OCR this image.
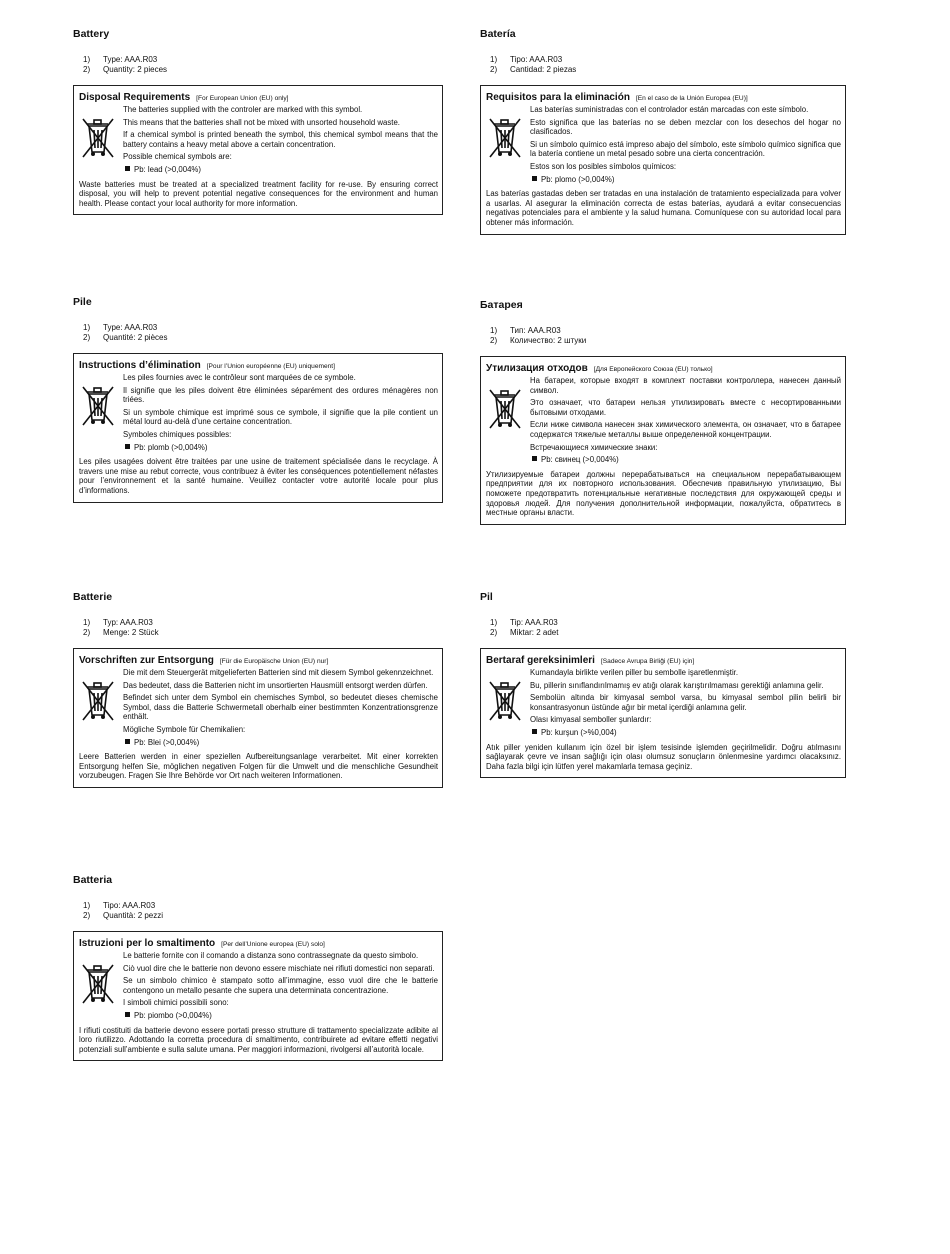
Battery
1)	Type: AAA.R03
2)	Quantity: 2 pieces
Disposal Requirements [For European Union (EU) only]

The batteries supplied with the controler are marked with this symbol.

This means that the batteries shall not be mixed with unsorted household waste.

If a chemical symbol is printed beneath the symbol, this chemical symbol means that the battery contains a heavy metal above a certain concentration.

Possible chemical symbols are:

Pb: lead (>0,004%)

Waste batteries must be treated at a specialized treatment facility for re-use. By ensuring correct disposal, you will help to prevent potential negative consequences for the environment and human health. Please contact your local authority for more information.
Batería
1)	Tipo: AAA.R03
2)	Cantidad: 2 piezas
Requisitos para la eliminación [En el caso de la Unión Europea (EU)]

Las baterías suministradas con el controlador están marcadas con este símbolo.

Esto significa que las baterías no se deben mezclar con los desechos del hogar no clasificados.

Si un símbolo químico está impreso abajo del símbolo, este símbolo químico significa que la batería contiene un metal pesado sobre una cierta concentración.

Estos son los posibles símbolos químicos:

Pb: plomo (>0,004%)

Las baterías gastadas deben ser tratadas en una instalación de tratamiento especializada para volver a usarlas. Al asegurar la eliminación correcta de estas baterías, ayudará a evitar consecuencias negativas potenciales para el ambiente y la salud humana. Comuníquese con su autoridad local para obtener más información.
Pile
1)	Type: AAA.R03
2)	Quantité: 2 pièces
Instructions d’élimination [Pour l’Union européenne (EU) uniquement]

Les piles fournies avec le contrôleur sont marquées de ce symbole.

Il signifie que les piles doivent être éliminées séparément des ordures ménagères non triées.

Si un symbole chimique est imprimé sous ce symbole, il signifie que la pile contient un métal lourd au-delà d’une certaine concentration.

Symboles chimiques possibles:

Pb: plomb (>0,004%)

Les piles usagées doivent être traitées par une usine de traitement spécialisée dans le recyclage. À travers une mise au rebut correcte, vous contribuez à éviter les conséquences potentiellement néfastes pour l’environnement et la santé humaine. Veuillez contacter votre autorité locale pour plus d’informations.
Батарея
1)	Тип: AAA.R03
2)	Количество: 2 штуки
Утилизация отходов [Для Европейского Союза (EU) только]

На батареи, которые входят в комплект поставки контроллера, нанесен данный символ.

Это означает, что батареи нельзя утилизировать вместе с несортированными бытовыми отходами.

Если ниже символа нанесен знак химического элемента, он означает, что в батарее содержатся тяжелые металлы выше определенной концентрации.

Встречающиеся химические знаки:

Pb: свинец (>0,004%)

Утилизируемые батареи должны перерабатываться на специальном перерабатывающем предприятии для их повторного использования. Обеспечив правильную утилизацию, Вы поможете предотвратить потенциальные негативные последствия для окружающей среды и здоровья людей. Для получения дополнительной информации, пожалуйста, обратитесь в местные органы власти.
Batterie
1)	Typ: AAA.R03
2)	Menge: 2 Stück
Vorschriften zur Entsorgung [Für die Europäische Union (EU) nur]

Die mit dem Steuergerät mitgelieferten Batterien sind mit diesem Symbol gekennzeichnet.

Das bedeutet, dass die Batterien nicht im unsortierten Hausmüll entsorgt werden dürfen.

Befindet sich unter dem Symbol ein chemisches Symbol, so bedeutet dieses chemische Symbol, dass die Batterie Schwermetall oberhalb einer bestimmten Konzentrationsgrenze enthält.

Mögliche Symbole für Chemikalien:

Pb: Blei (>0,004%)

Leere Batterien werden in einer speziellen Aufbereitungsanlage verarbeitet. Mit einer korrekten Entsorgung helfen Sie, möglichen negativen Folgen für die Umwelt und die menschliche Gesundheit vorzubeugen. Fragen Sie Ihre Behörde vor Ort nach weiteren Informationen.
Pil
1)	Tip: AAA.R03
2)	Miktar: 2 adet
Bertaraf gereksinimleri [Sadece Avrupa Birliği (EU) için]

Kumandayla birlikte verilen piller bu sembolle işaretlenmiştir.

Bu, pillerin sınıflandırılmamış ev atığı olarak karıştırılmaması gerektiği anlamına gelir.

Sembolün altında bir kimyasal sembol varsa, bu kimyasal sembol pilin belirli bir konsantrasyonun üstünde ağır bir metal içerdiği anlamına gelir.

Olası kimyasal semboller şunlardır:

Pb: kurşun (>%0,004)

Atık piller yeniden kullanım için özel bir işlem tesisinde işlemden geçirilmelidir. Doğru atılmasını sağlayarak çevre ve insan sağlığı için olası olumsuz sonuçların önlenmesine yardımcı olacaksınız. Daha fazla bilgi için lütfen yerel makamlarla temasa geçiniz.
Batteria
1)	Tipo: AAA.R03
2)	Quantità: 2 pezzi
Istruzioni per lo smaltimento [Per dell’Unione europea (EU) solo]

Le batterie fornite con il comando a distanza sono contrassegnate da questo simbolo.

Ciò vuol dire che le batterie non devono essere mischiate nei rifiuti domestici non separati.

Se un simbolo chimico è stampato sotto all’immagine, esso vuol dire che le batterie contengono un metallo pesante che supera una determinata concentrazione.

I simboli chimici possibili sono:

Pb: piombo (>0,004%)

I rifiuti costituiti da batterie devono essere portati presso strutture di trattamento specializzate adibite al loro riutilizzo. Adottando la corretta procedura di smaltimento, contribuirete ad evitare effetti negativi potenziali sull’ambiente e sulla salute umana. Per maggiori informazioni, rivolgersi all’autorità locale.
